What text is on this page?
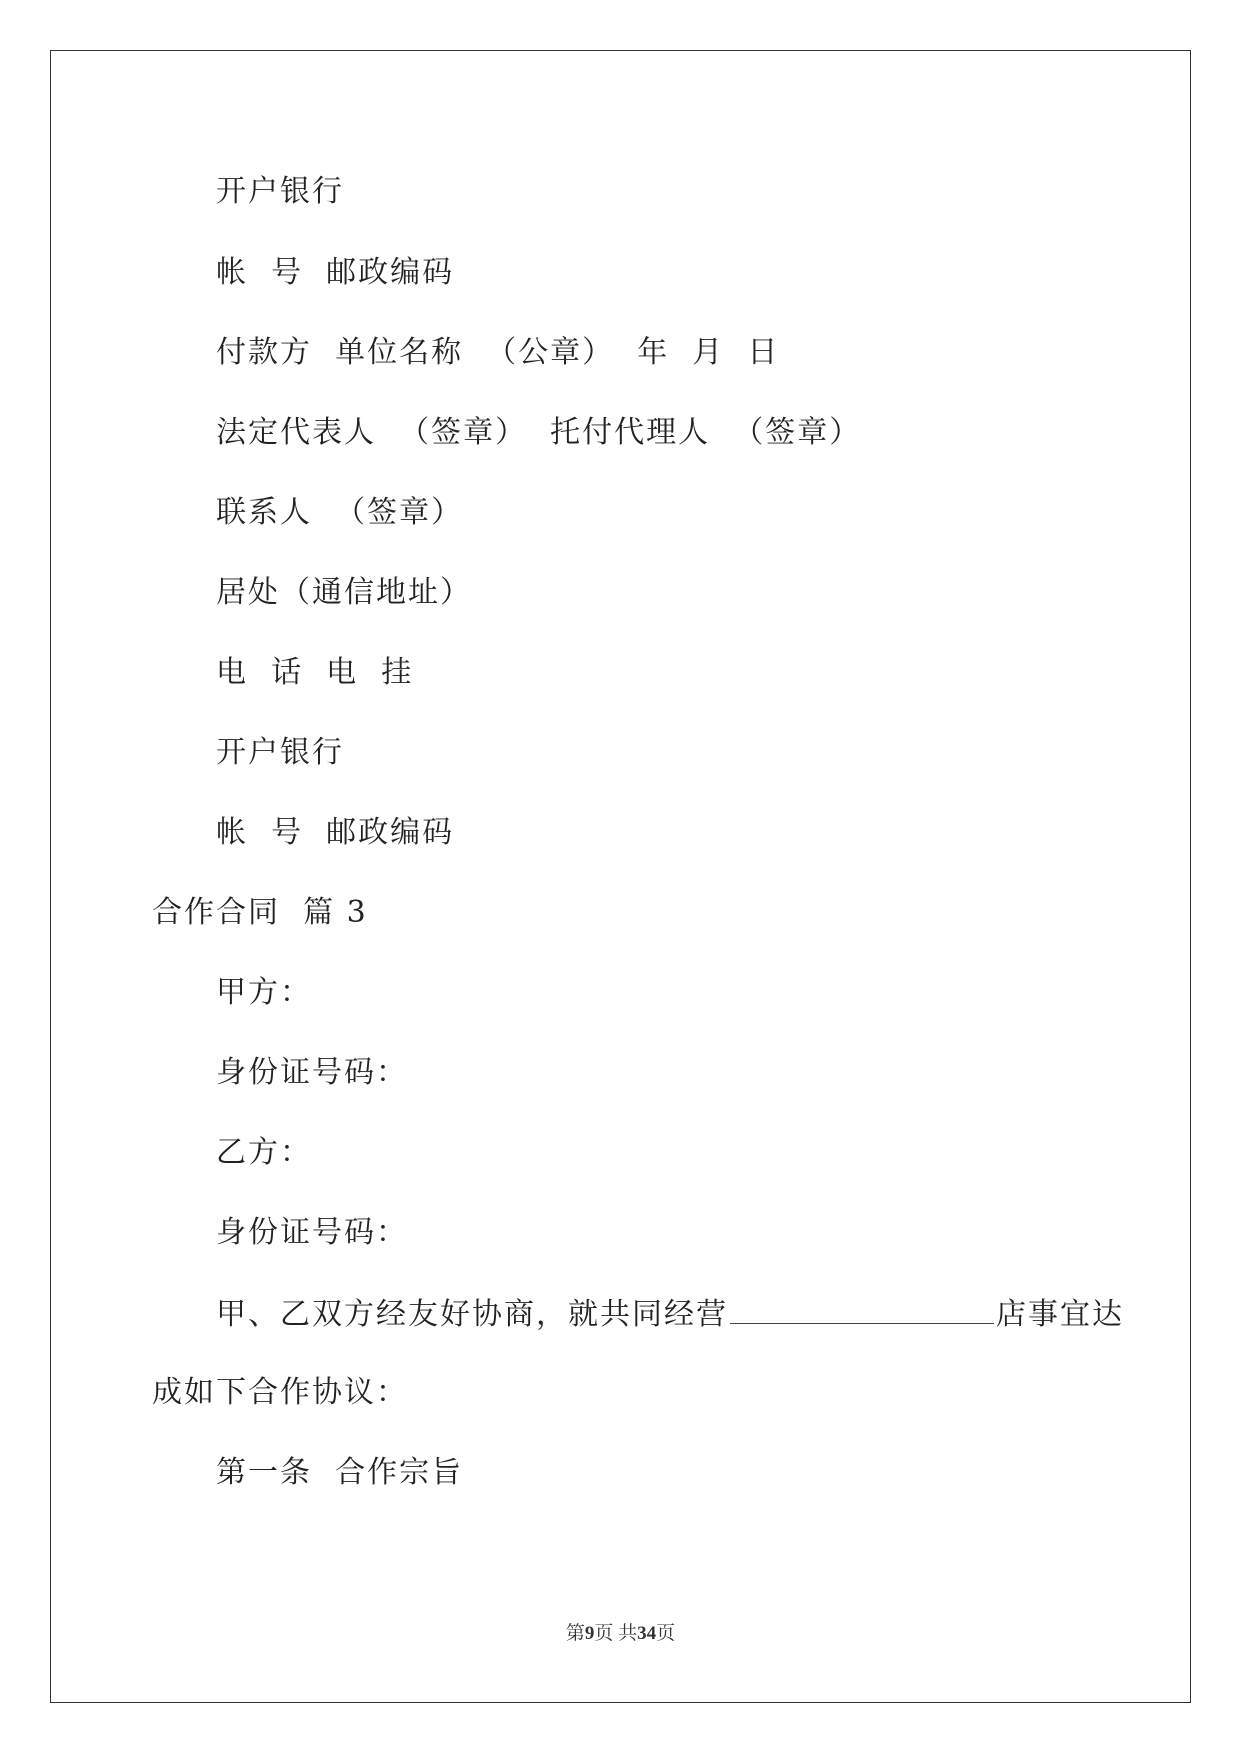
开户银行
帐  号  邮政编码
付款方  单位名称  （公章）  年  月  日
法定代表人  （签章）  托付代理人  （签章）
联系人  （签章）
居处（通信地址）
电  话  电  挂
开户银行
帐  号  邮政编码
合作合同  篇 3
甲方：
身份证号码：
乙方：
身份证号码：
甲、乙双方经友好协商，就共同经营	店事宜达
成如下合作协议：
第一条  合作宗旨
第9页 共34页
